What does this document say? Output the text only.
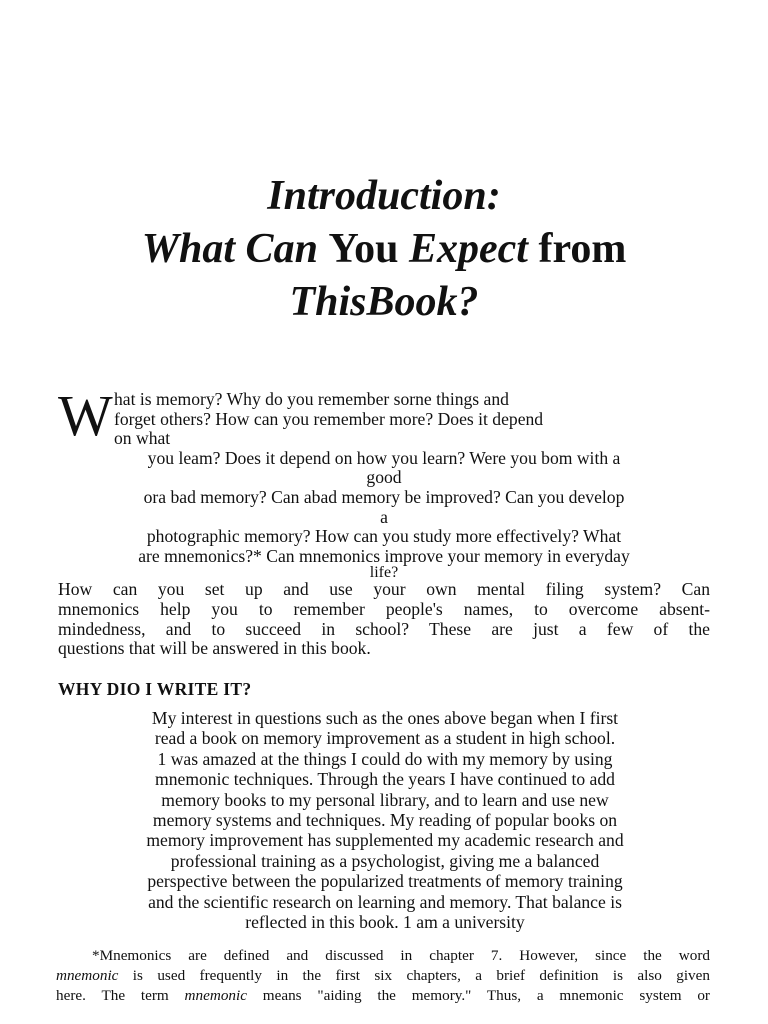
Introduction:
What Can You Expect from
ThisBook?
W hat is memory? Why do you remember sorne things and
forget others? How can you remember more? Does it depend
on what
you leam? Does it depend on how you learn? Were you bom with a
good
ora bad memory? Can abad memory be improved? Can you develop
a
photographic memory? How can you study more effectively? What
are mnemonics?* Can mnemonics improve your memory in everyday
life?
How can you set up and use your own mental filing system? Can
mnemonics help you to remember people's names, to overcome absent-
mindedness, and to succeed in school? These are just a few of the
questions that will be answered in this book.
WHY DIO I WRITE IT?
My interest in questions such as the ones above began when I first
read a book on memory improvement as a student in high school.
1 was amazed at the things I could do with my memory by using
mnemonic techniques. Through the years I have continued to add
memory books to my personal library, and to learn and use new
memory systems and techniques. My reading of popular books on
memory improvement has supplemented my academic research and
professional training as a psychologist, giving me a balanced
perspective between the popularized treatments of memory training
and the scientific research on learning and memory. That balance is
reflected in this book. 1 am a university
*Mnemonics are defined and discussed in chapter 7. However, since the word
mnemonic is used frequently in the first six chapters, a brief definition is also given
here. The term mnemonic means "aiding the memory." Thus, a mnemonic system or
